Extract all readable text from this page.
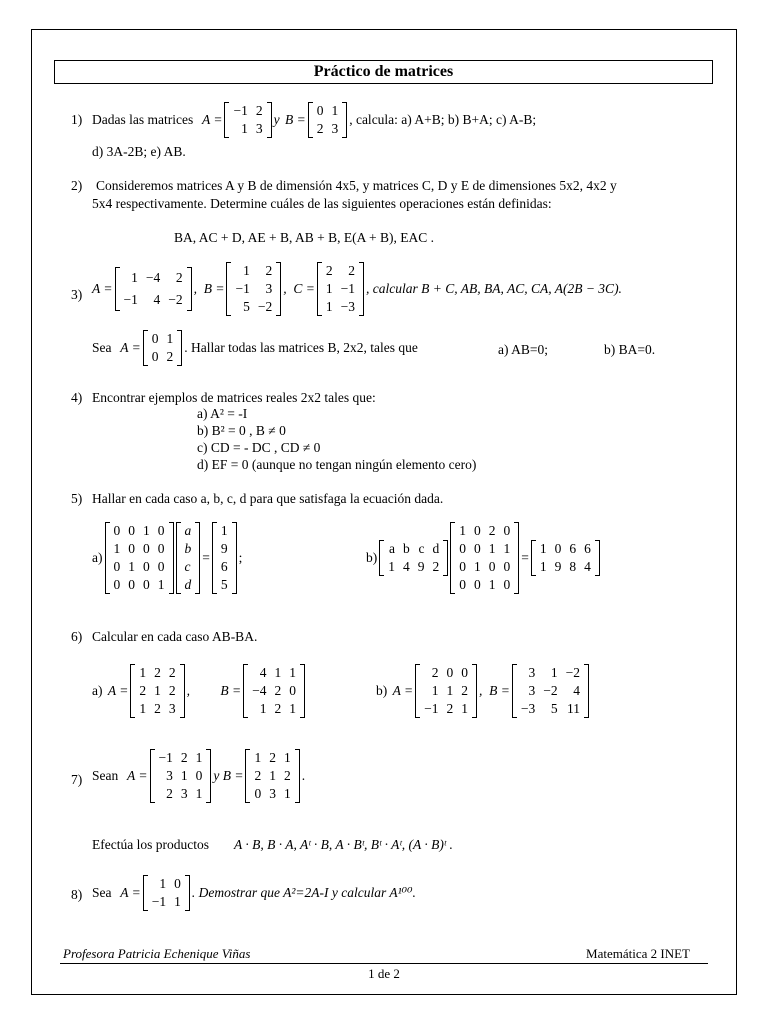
Práctico de matrices
1) Dadas las matrices A =
−1	2
1	3
y B =
0	1
2	3
, calcula: a) A+B; b) B+A; c) A-B;
d) 3A-2B; e) AB.
2) Consideremos matrices A y B de dimensión 4x5, y matrices C, D y E de dimensiones 5x2, 4x2 y
5x4 respectivamente. Determine cuáles de las siguientes operaciones están definidas:
BA, AC + D, AE + B, AB + B, E(A + B), EAC .
3) A =
1	−4	2
−1	4	−2
,  B =
1	2
−1	3
5	−2
,  C =
2	2
1	−1
1	−3
, calcular B + C, AB, BA, AC, CA, A(2B − 3C).
Sea A =
0	1
0	2
. Hallar todas las matrices B, 2x2, tales que	a) AB=0;	b) BA=0.
4) Encontrar ejemplos de matrices reales 2x2 tales que:
a) A² = -I
b) B² = 0 , B ≠ 0
c) CD = - DC , CD ≠ 0
d) EF = 0 (aunque no tengan ningún elemento cero)
5) Hallar en cada caso a, b, c, d para que satisfaga la ecuación dada.
a)
0	0	1	0
1	0	0	0
0	1	0	0
0	0	0	1
a
b
c
d
=
1
9
6
5
;	b)
a	b	c	d
1	4	9	2
1	0	2	0
0	0	1	1
0	1	0	0
0	0	1	0
=
1	0	6	6
1	9	8	4
6) Calcular en cada caso AB-BA.
a) A =
1	2	2
2	1	2
1	2	3
,         B =
4	1	1
−4	2	0
1	2	1
b) A =
2	0	0
1	1	2
−1	2	1
,  B =
3	1	−2
3	−2	4
−3	5	11
7) Sean A =
−1	2	1
3	1	0
2	3	1
y B =
1	2	1
2	1	2
0	3	1
.
Efectúa los productos A · B, B · A, Aᵗ · B, A · Bᵗ, Bᵗ · Aᵗ, (A · B)ᵗ .
8) Sea A =
1	0
−1	1
. Demostrar que A²=2A-I y calcular A¹⁰⁰.
Profesora Patricia Echenique Viñas	Matemática 2 INET
1 de 2
